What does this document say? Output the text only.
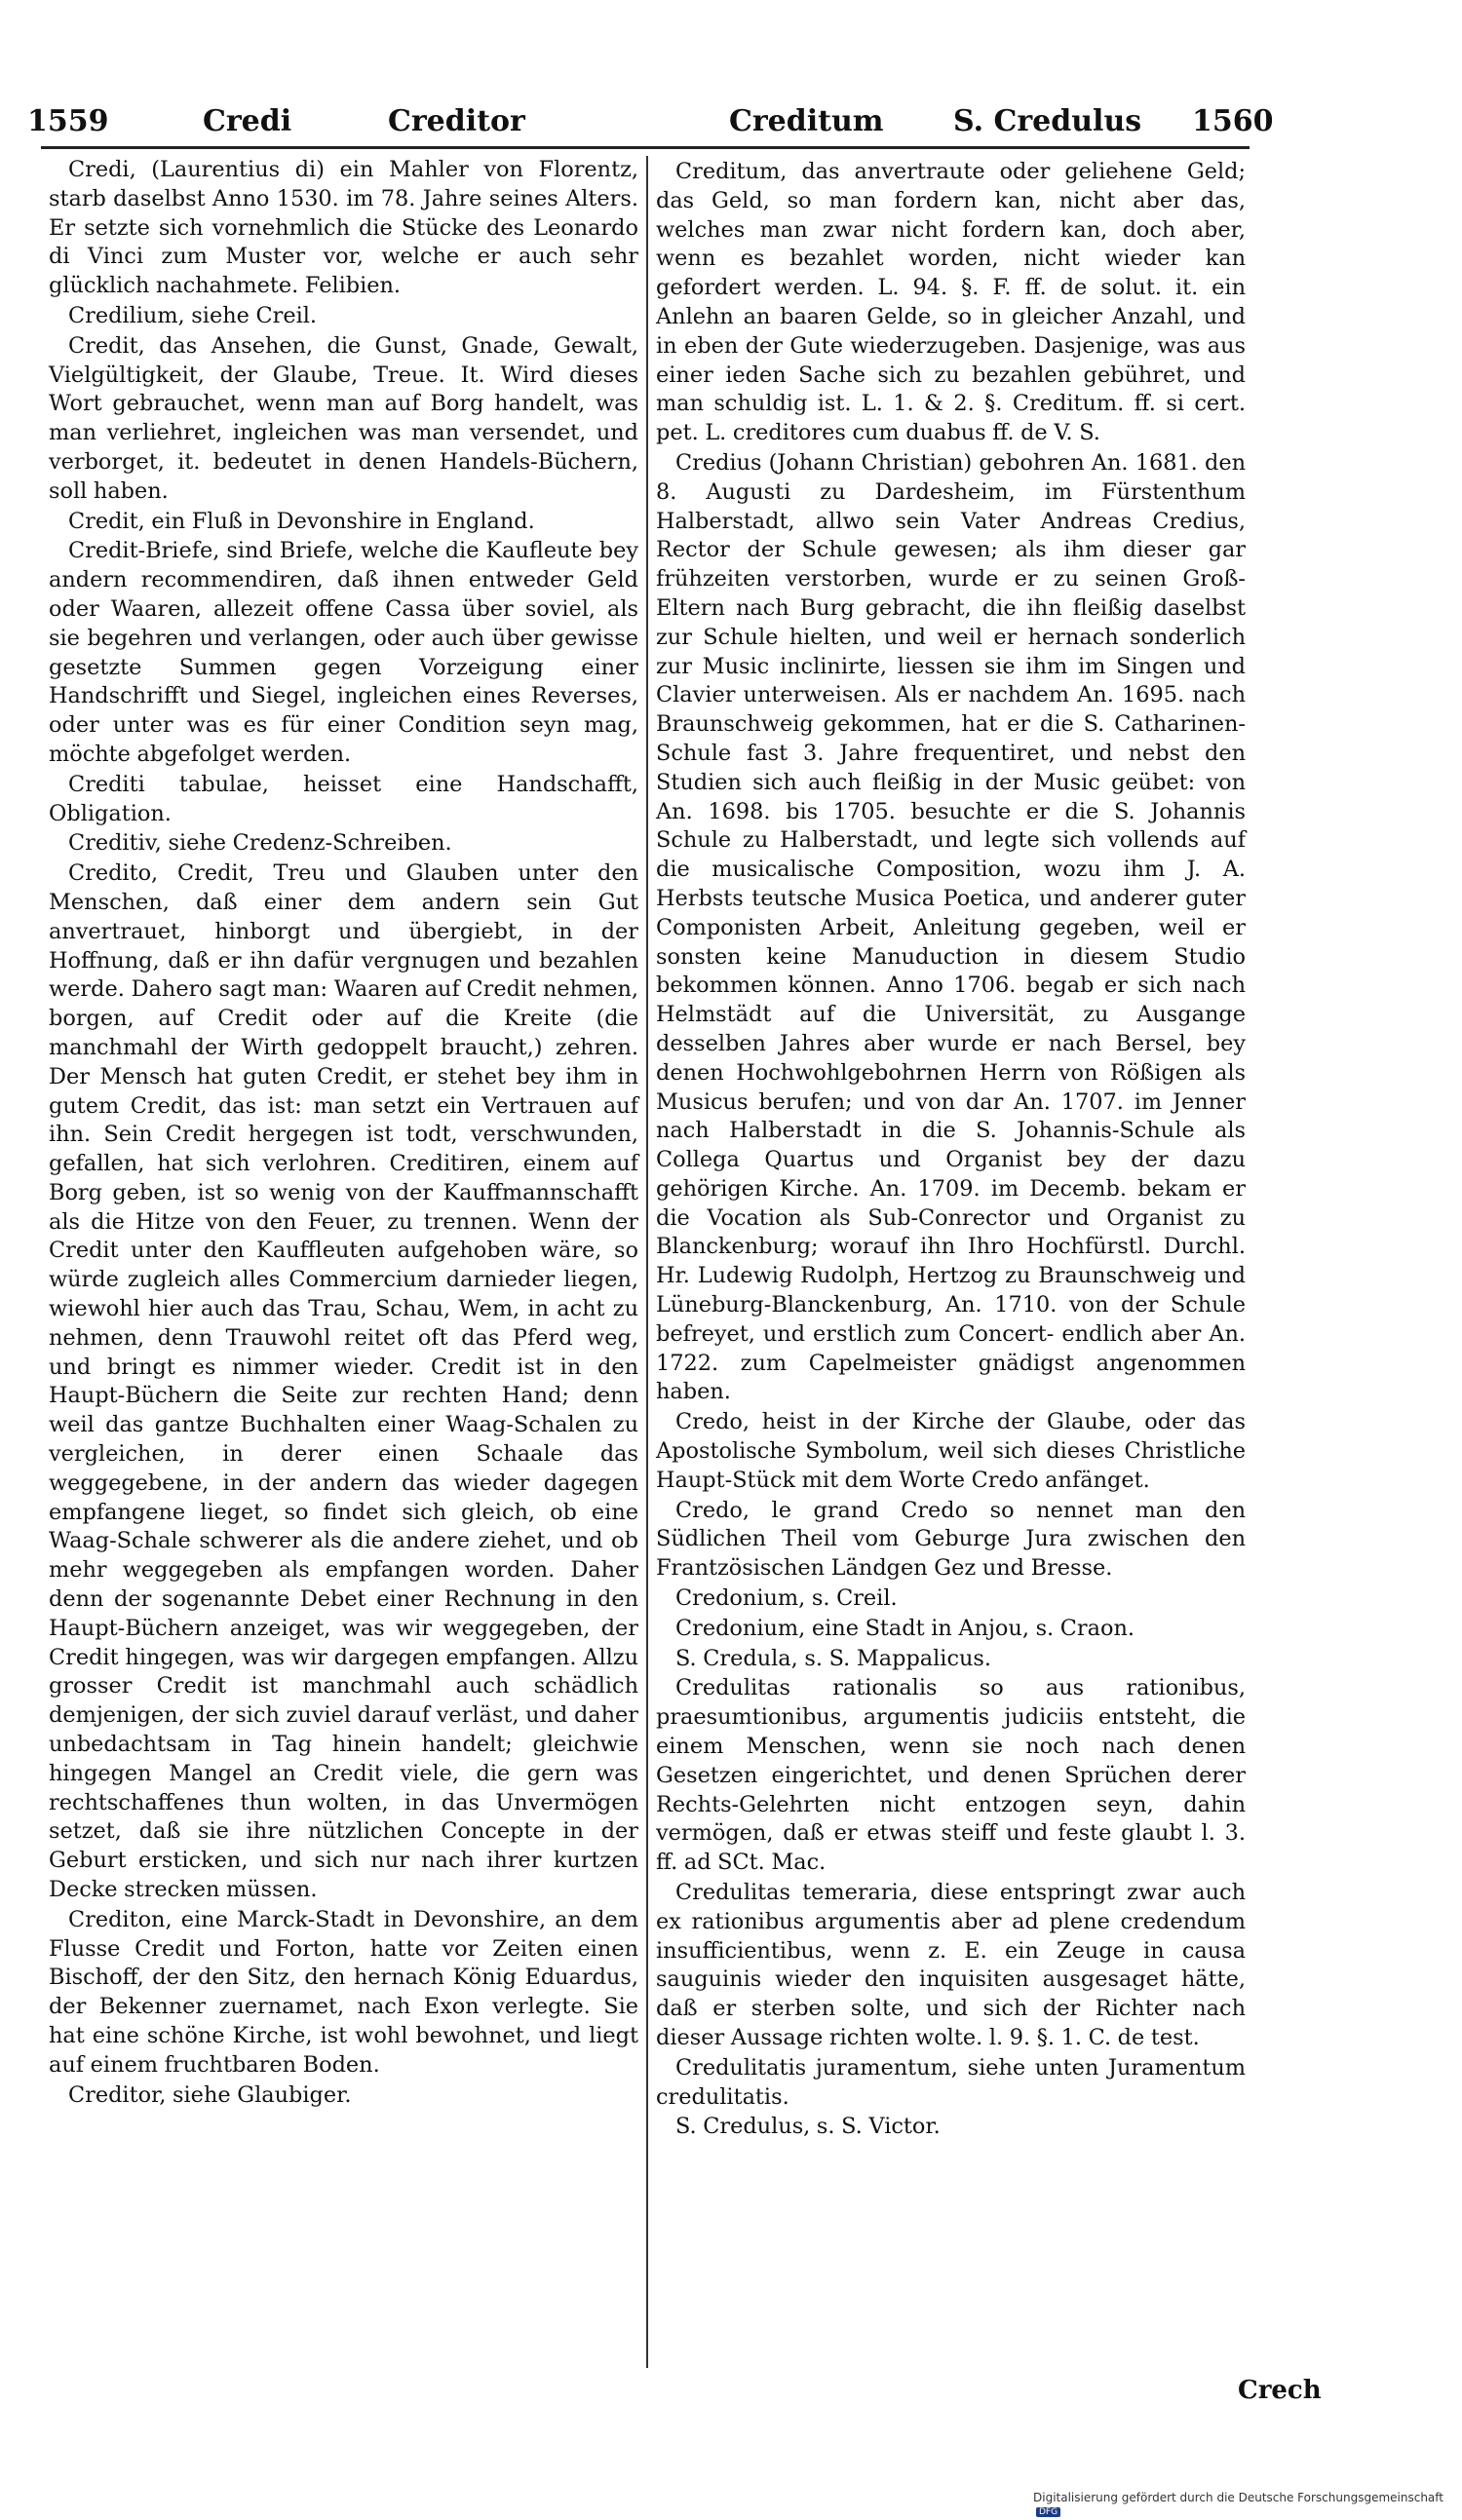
1559	Credi	Creditor	Creditum S. Credulus 1560

Credi, (Laurentius di) ein Mahler von Florentz, starb daselbst Anno 1530. im 78. Jahre seines Alters. Er setzte sich vornehmlich die Stücke des Leonardo di Vinci zum Muster vor, welche er auch sehr glücklich nachahmete. Felibien.

Credilium, siehe Creil.

Credit, das Ansehen, die Gunst, Gnade, Gewalt, Vielgültigkeit, der Glaube, Treue. It. Wird dieses Wort gebrauchet, wenn man auf Borg handelt, was man verliehret, ingleichen was man versendet, und verborget, it. bedeutet in denen Handels-Büchern, soll haben.

Credit, ein Fluß in Devonshire in England.

Credit-Briefe, sind Briefe, welche die Kaufleute bey andern recommendiren, daß ihnen entweder Geld oder Waaren, allezeit offene Cassa über soviel, als sie begehren und verlangen, oder auch über gewisse gesetzte Summen gegen Vorzeigung einer Handschrifft und Siegel, ingleichen eines Reverses, oder unter was es für einer Condition seyn mag, möchte abgefolget werden.

Crediti tabulae, heisset eine Handschafft, Obligation.

Creditiv, siehe Credenz-Schreiben.

Credito, Credit, Treu und Glauben unter den Menschen, daß einer dem andern sein Gut anvertrauet, hinborgt und übergiebt, in der Hoffnung, daß er ihn dafür vergnugen und bezahlen werde. Dahero sagt man: Waaren auf Credit nehmen, borgen, auf Credit oder auf die Kreite (die manchmahl der Wirth gedoppelt braucht,) zehren. Der Mensch hat guten Credit, er stehet bey ihm in gutem Credit, das ist: man setzt ein Vertrauen auf ihn. Sein Credit hergegen ist todt, verschwunden, gefallen, hat sich verlohren. Creditiren, einem auf Borg geben, ist so wenig von der Kauffmannschafft als die Hitze von den Feuer, zu trennen. Wenn der Credit unter den Kauffleuten aufgehoben wäre, so würde zugleich alles Commercium darnieder liegen, wiewohl hier auch das Trau, Schau, Wem, in acht zu nehmen, denn Trauwohl reitet oft das Pferd weg, und bringt es nimmer wieder. Credit ist in den Haupt-Büchern die Seite zur rechten Hand; denn weil das gantze Buchhalten einer Waag-Schalen zu vergleichen, in derer einen Schaale das weggegebene, in der andern das wieder dagegen empfangene lieget, so findet sich gleich, ob eine Waag-Schale schwerer als die andere ziehet, und ob mehr weggegeben als empfangen worden. Daher denn der sogenannte Debet einer Rechnung in den Haupt-Büchern anzeiget, was wir weggegeben, der Credit hingegen, was wir dargegen empfangen. Allzu grosser Credit ist manchmahl auch schädlich demjenigen, der sich zuviel darauf verläst, und daher unbedachtsam in Tag hinein handelt; gleichwie hingegen Mangel an Credit viele, die gern was rechtschaffenes thun wolten, in das Unvermögen setzet, daß sie ihre nützlichen Concepte in der Geburt ersticken, und sich nur nach ihrer kurtzen Decke strecken müssen.

Crediton, eine Marck-Stadt in Devonshire, an dem Flusse Credit und Forton, hatte vor Zeiten einen Bischoff, der den Sitz, den hernach König Eduardus, der Bekenner zuernamet, nach Exon verlegte. Sie hat eine schöne Kirche, ist wohl bewohnet, und liegt auf einem fruchtbaren Boden.

Creditor, siehe Glaubiger.

Creditum, das anvertraute oder geliehene Geld; das Geld, so man fordern kan, nicht aber das, welches man zwar nicht fordern kan, doch aber, wenn es bezahlet worden, nicht wieder kan gefordert werden. L. 94. §. F. ff. de solut. it. ein Anlehn an baaren Gelde, so in gleicher Anzahl, und in eben der Gute wiederzugeben. Dasjenige, was aus einer ieden Sache sich zu bezahlen gebühret, und man schuldig ist. L. 1. & 2. §. Creditum. ff. si cert. pet. L. creditores cum duabus ff. de V. S.

Credius (Johann Christian) gebohren An. 1681. den 8. Augusti zu Dardesheim, im Fürstenthum Halberstadt, allwo sein Vater Andreas Credius, Rector der Schule gewesen; als ihm dieser gar frühzeiten verstorben, wurde er zu seinen Groß-Eltern nach Burg gebracht, die ihn fleißig daselbst zur Schule hielten, und weil er hernach sonderlich zur Music inclinirte, liessen sie ihm im Singen und Clavier unterweisen. Als er nachdem An. 1695. nach Braunschweig gekommen, hat er die S. Catharinen-Schule fast 3. Jahre frequentiret, und nebst den Studien sich auch fleißig in der Music geübet: von An. 1698. bis 1705. besuchte er die S. Johannis Schule zu Halberstadt, und legte sich vollends auf die musicalische Composition, wozu ihm J. A. Herbsts teutsche Musica Poetica, und anderer guter Componisten Arbeit, Anleitung gegeben, weil er sonsten keine Manuduction in diesem Studio bekommen können. Anno 1706. begab er sich nach Helmstädt auf die Universität, zu Ausgange desselben Jahres aber wurde er nach Bersel, bey denen Hochwohlgebohrnen Herrn von Rößigen als Musicus berufen; und von dar An. 1707. im Jenner nach Halberstadt in die S. Johannis-Schule als Collega Quartus und Organist bey der dazu gehörigen Kirche. An. 1709. im Decemb. bekam er die Vocation als Sub-Conrector und Organist zu Blanckenburg; worauf ihn Ihro Hochfürstl. Durchl. Hr. Ludewig Rudolph, Hertzog zu Braunschweig und Lüneburg-Blanckenburg, An. 1710. von der Schule befreyet, und erstlich zum Concert- endlich aber An. 1722. zum Capelmeister gnädigst angenommen haben.

Credo, heist in der Kirche der Glaube, oder das Apostolische Symbolum, weil sich dieses Christliche Haupt-Stück mit dem Worte Credo anfänget.

Credo, le grand Credo so nennet man den Südlichen Theil vom Geburge Jura zwischen den Frantzösischen Ländgen Gez und Bresse.

Credonium, s. Creil.

Credonium, eine Stadt in Anjou, s. Craon.

S. Credula, s. S. Mappalicus.

Credulitas rationalis so aus rationibus, praesumtionibus, argumentis judiciis entsteht, die einem Menschen, wenn sie noch nach denen Gesetzen eingerichtet, und denen Sprüchen derer Rechts-Gelehrten nicht entzogen seyn, dahin vermögen, daß er etwas steiff und feste glaubt l. 3. ff. ad SCt. Mac.

Credulitas temeraria, diese entspringt zwar auch ex rationibus argumentis aber ad plene credendum insufficientibus, wenn z. E. ein Zeuge in causa sauguinis wieder den inquisiten ausgesaget hätte, daß er sterben solte, und sich der Richter nach dieser Aussage richten wolte. l. 9. §. 1. C. de test.

Credulitatis juramentum, siehe unten Juramentum credulitatis.

S. Credulus, s. S. Victor.

Crech
Digitalisierung gefördert durch die Deutsche Forschungsgemeinschaft DFG
